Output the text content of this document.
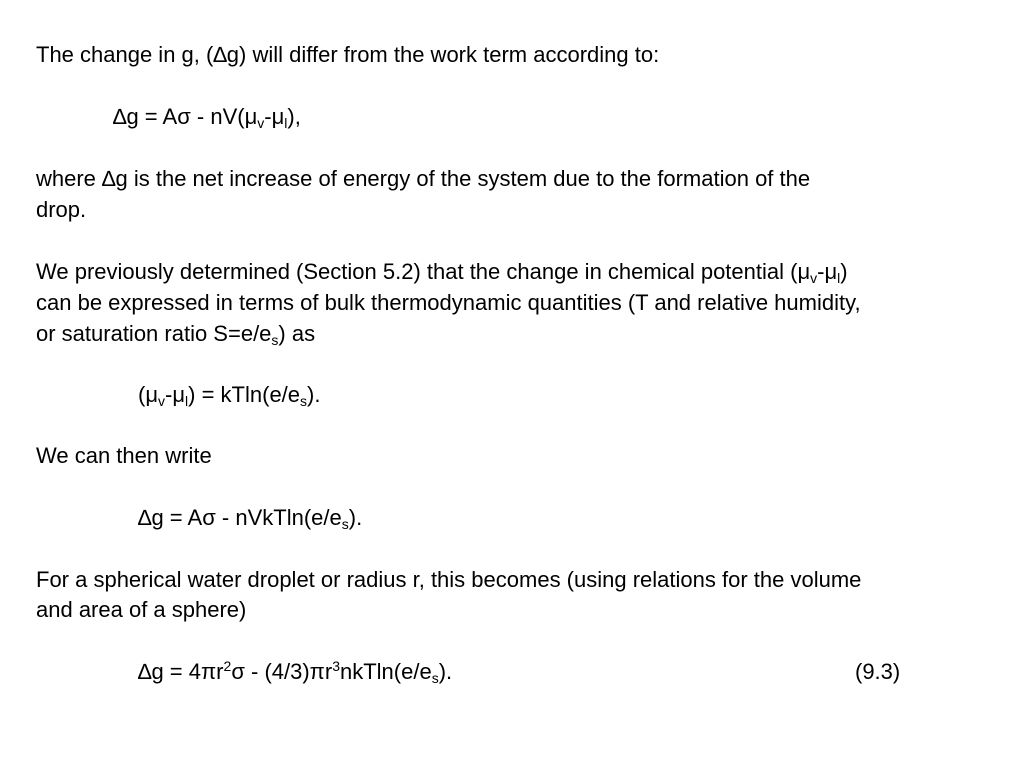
The change in g, (∆g) will differ from the work term according to:
$\Delta g = A\sigma - nV(\mu_v-\mu_l)$,
where ∆g is the net increase of energy of the system due to the formation of the
drop.
We previously determined (Section 5.2) that the change in chemical potential $(\mu_v-\mu_l)$
can be expressed in terms of bulk thermodynamic quantities (T and relative humidity,
or saturation ratio $S=e/e_s$) as
$(\mu_v-\mu_l) = kTln(e/e_s)$.
We can then write
$\Delta g = A\sigma - nVkTln(e/e_s)$.
For a spherical water droplet or radius r, this becomes (using relations for the volume
and area of a sphere)
$\Delta g = 4\pi r^2\sigma - (4/3)\pi r^3nkTln(e/e_s)$.	(9.3)
